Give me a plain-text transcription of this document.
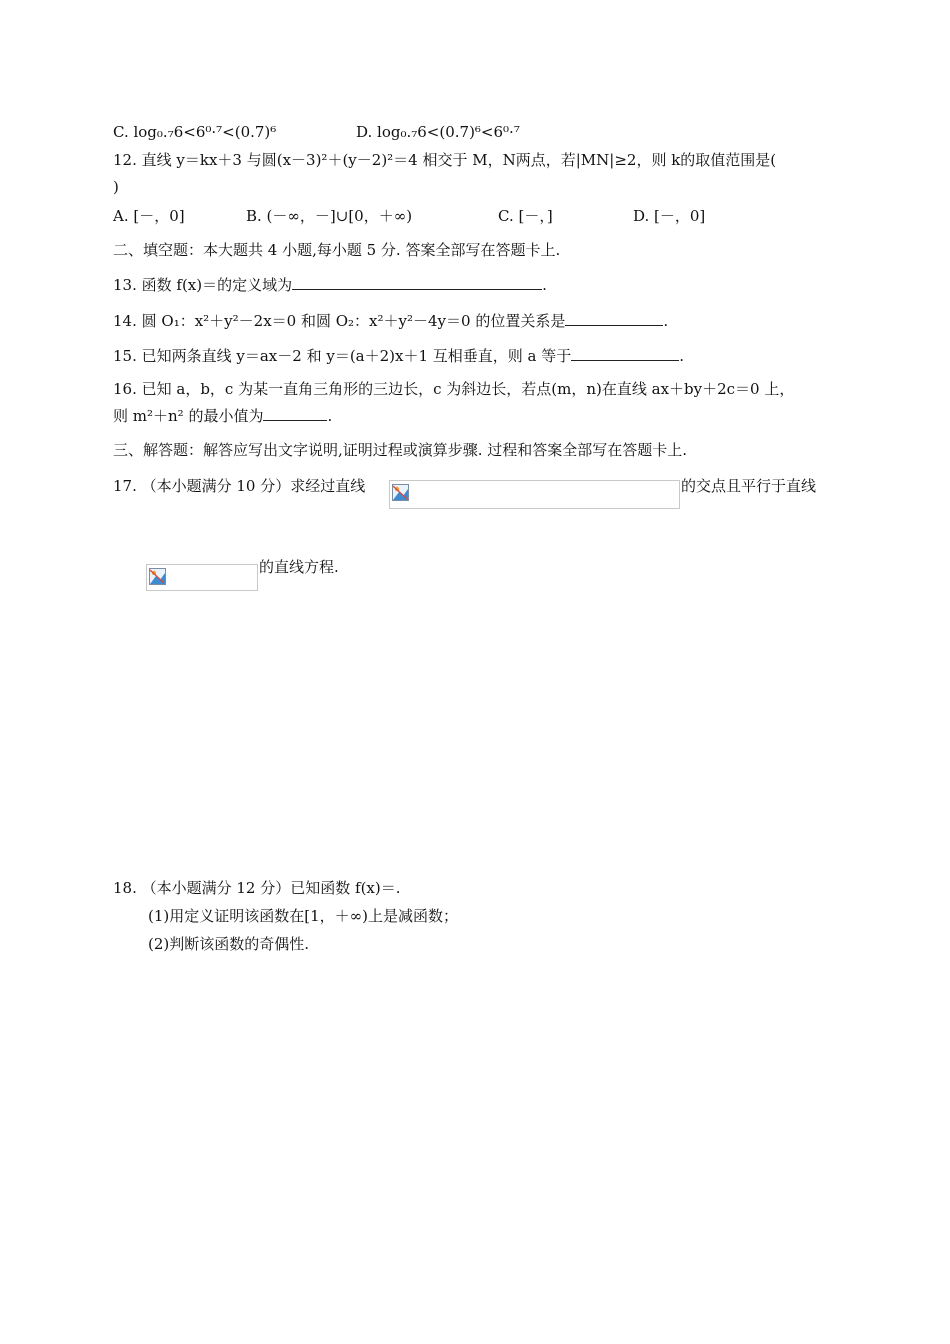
C. log₀.₇6<6⁰·⁷<(0.7)⁶	D. log₀.₇6<(0.7)⁶<6⁰·⁷
12. 直线 y＝kx＋3 与圆(x－3)²＋(y－2)²＝4 相交于 M，N两点，若|MN|≥2，则 k的取值范围是(
)
A. [－，0]	B. (－∞，－]∪[0，＋∞)	C. [－，]	D. [－，0]
二、填空题：本大题共 4 小题,每小题 5 分. 答案全部写在答题卡上.
13. 函数 f(x)＝的定义域为	.
14. 圆 O₁：x²＋y²－2x＝0 和圆 O₂：x²＋y²－4y＝0 的位置关系是	.
15. 已知两条直线 y＝ax－2 和 y＝(a＋2)x＋1 互相垂直，则 a 等于	.
16. 已知 a，b，c 为某一直角三角形的三边长，c 为斜边长，若点(m，n)在直线 ax＋by＋2c＝0 上，
则 m²＋n² 的最小值为	.
三、解答题：解答应写出文字说明,证明过程或演算步骤. 过程和答案全部写在答题卡上.
17. （本小题满分 10 分）求经过直线	的交点且平行于直线
的直线方程.
18. （本小题满分 12 分）已知函数 f(x)＝.
(1)用定义证明该函数在[1，＋∞)上是减函数；
(2)判断该函数的奇偶性.
